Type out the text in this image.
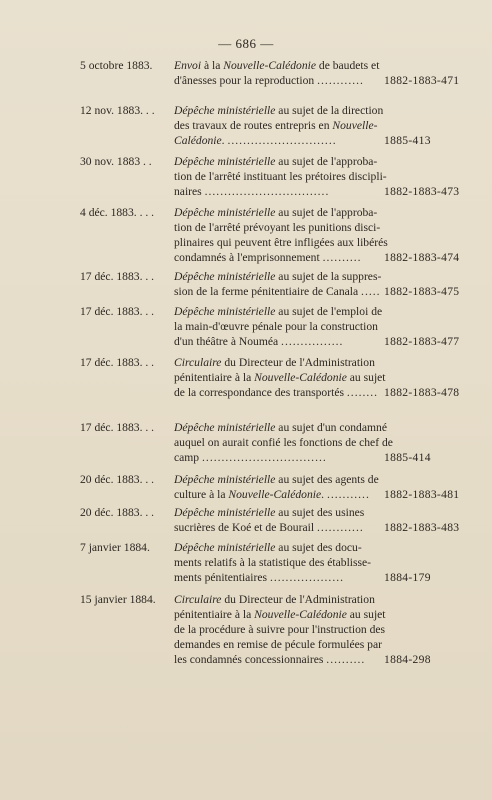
— 686 —
5 octobre 1883.	Envoi à la Nouvelle-Calédonie de baudets et
d'ânesses pour la reproduction ............	1882-1883-471
12 nov. 1883. . .	Dépêche ministérielle au sujet de la direction
des travaux de routes entrepris en Nouvelle-
Calédonie. ............................	1885-413
30 nov. 1883 . .	Dépêche ministérielle au sujet de l'approba-
tion de l'arrêté instituant les prétoires discipli-
naires ................................	1882-1883-473
4 déc. 1883. . . .	Dépêche ministérielle au sujet de l'approba-
tion de l'arrêté prévoyant les punitions disci-
plinaires qui peuvent être infligées aux libérés
condamnés à l'emprisonnement ..........	1882-1883-474
17 déc. 1883. . .	Dépêche ministérielle au sujet de la suppres-
sion de la ferme pénitentiaire de Canala ..... 1882-1883-475
17 déc. 1883. . .	Dépêche ministérielle au sujet de l'emploi de
la main-d'œuvre pénale pour la construction
d'un théâtre à Nouméa ................	1882-1883-477
17 déc. 1883. . .	Circulaire du Directeur de l'Administration
pénitentiaire à la Nouvelle-Calédonie au sujet
de la correspondance des transportés ........ 1882-1883-478
17 déc. 1883. . .	Dépêche ministérielle au sujet d'un condamné
auquel on aurait confié les fonctions de chef de
camp ................................	1885-414
20 déc. 1883. . .	Dépêche ministérielle au sujet des agents de
culture à la Nouvelle-Calédonie. ...........	1882-1883-481
20 déc. 1883. . .	Dépêche ministérielle au sujet des usines
sucrières de Koé et de Bourail ............	1882-1883-483
7 janvier 1884.	Dépêche ministérielle au sujet des docu-
ments relatifs à la statistique des établisse-
ments pénitentiaires ...................	1884-179
15 janvier 1884.	Circulaire du Directeur de l'Administration
pénitentiaire à la Nouvelle-Calédonie au sujet
de la procédure à suivre pour l'instruction des
demandes en remise de pécule formulées par
les condamnés concessionnaires ..........	1884-298
